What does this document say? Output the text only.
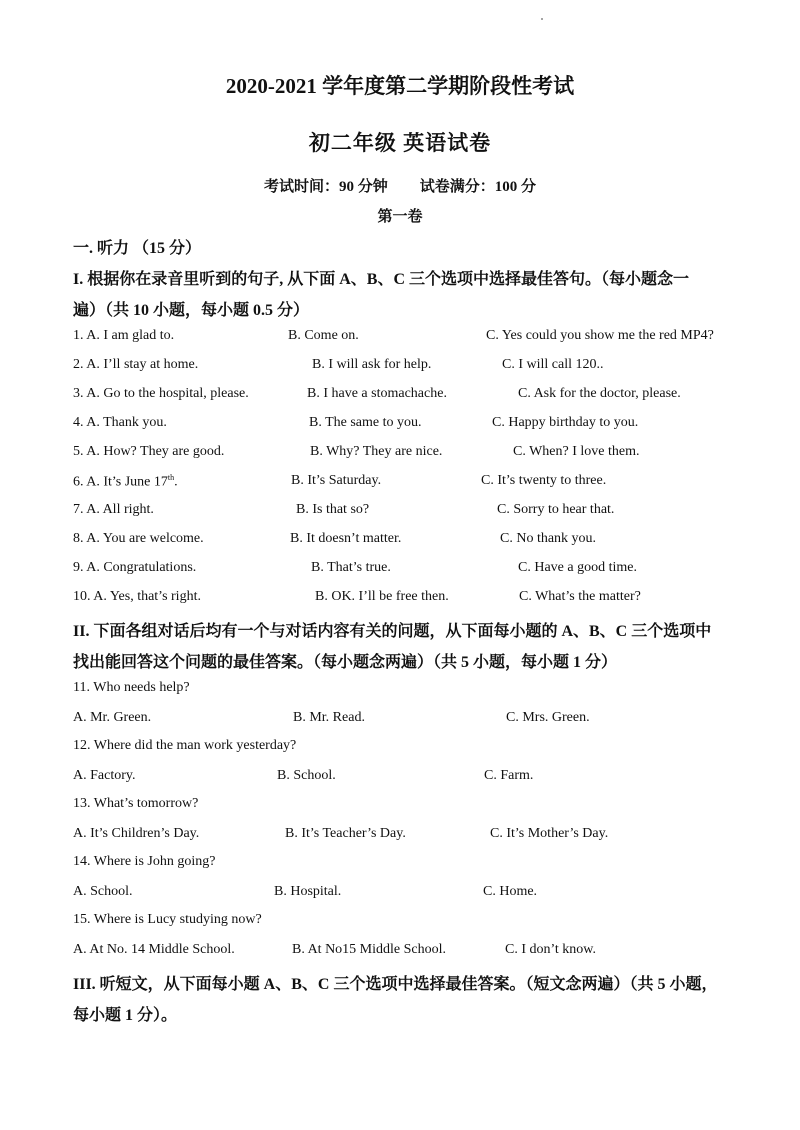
2020-2021 学年度第二学期阶段性考试
初二年级 英语试卷
考试时间：90 分钟 试卷满分：100 分
第一卷
一. 听力 （15 分）
I. 根据你在录音里听到的句子, 从下面 A、B、C 三个选项中选择最佳答句。（每小题念一
遍）（共 10 小题，每小题 0.5 分）
1. A. I am glad to.	B. Come on.	C. Yes could you show me the red MP4?
2. A. I’ll stay at home.	B. I will ask for help.	C. I will call 120..
3. A. Go to the hospital, please.	B. I have a stomachache.	C. Ask for the doctor, please.
4. A. Thank you.	B. The same to you.	C. Happy birthday to you.
5. A. How? They are good.	B. Why? They are nice.	C. When? I love them.
6. A. It’s June 17th.	B. It’s Saturday.	C. It’s twenty to three.
7. A. All right.	B. Is that so?	C. Sorry to hear that.
8. A. You are welcome.	B. It doesn’t matter.	C. No thank you.
9. A. Congratulations.	B. That’s true.	C. Have a good time.
10. A. Yes, that’s right.	B. OK. I’ll be free then.	C. What’s the matter?
II. 下面各组对话后均有一个与对话内容有关的问题，从下面每小题的 A、B、C 三个选项中
找出能回答这个问题的最佳答案。（每小题念两遍）（共 5 小题，每小题 1 分）
11. Who needs help?
A. Mr. Green.	B. Mr. Read.	C. Mrs. Green.
12. Where did the man work yesterday?
A. Factory.	B. School.	C. Farm.
13. What’s tomorrow?
A. It’s Children’s Day.	B. It’s Teacher’s Day.	C. It’s Mother’s Day.
14. Where is John going?
A. School.	B. Hospital.	C. Home.
15. Where is Lucy studying now?
A. At No. 14 Middle School.	B. At No15 Middle School.	C. I don’t know.
III. 听短文，从下面每小题 A、B、C 三个选项中选择最佳答案。（短文念两遍）（共 5 小题，
每小题 1 分）。
